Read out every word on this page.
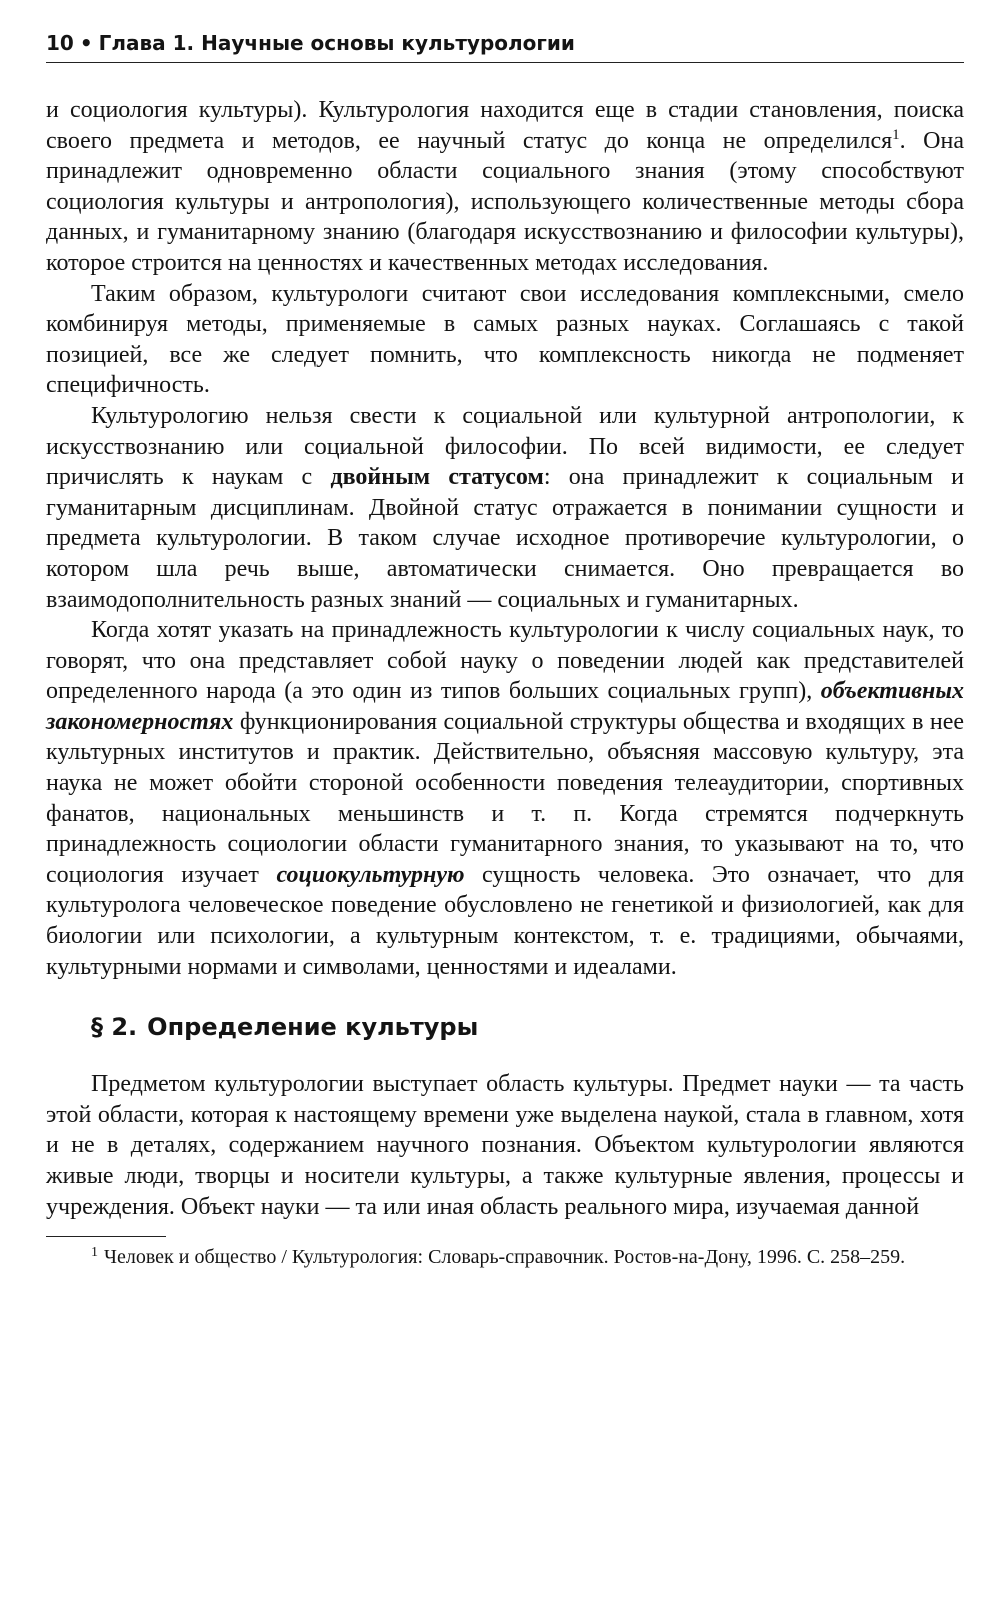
10 • Глава 1. Научные основы культурологии

и социология культуры). Культурология находится еще в стадии становления, поиска своего предмета и методов, ее научный статус до конца не определился$^1$. Она принадлежит одновременно области социального знания (этому способствуют социология культуры и антропология), использующего количественные методы сбора данных, и гуманитарному знанию (благодаря искусствознанию и философии культуры), которое строится на ценностях и качественных методах исследования.

Таким образом, культурологи считают свои исследования комплексными, смело комбинируя методы, применяемые в самых разных науках. Соглашаясь с такой позицией, все же следует помнить, что комплексность никогда не подменяет специфичность.

Культурологию нельзя свести к социальной или культурной антропологии, к искусствознанию или социальной философии. По всей видимости, ее следует причислять к наукам с двойным статусом: она принадлежит к социальным и гуманитарным дисциплинам. Двойной статус отражается в понимании сущности и предмета культурологии. В таком случае исходное противоречие культурологии, о котором шла речь выше, автоматически снимается. Оно превращается во взаимодополнительность разных знаний — социальных и гуманитарных.

Когда хотят указать на принадлежность культурологии к числу социальных наук, то говорят, что она представляет собой науку о поведении людей как представителей определенного народа (а это один из типов больших социальных групп), объективных закономерностях функционирования социальной структуры общества и входящих в нее культурных институтов и практик. Действительно, объясняя массовую культуру, эта наука не может обойти стороной особенности поведения телеаудитории, спортивных фанатов, национальных меньшинств и т. п. Когда стремятся подчеркнуть принадлежность социологии области гуманитарного знания, то указывают на то, что социология изучает социокультурную сущность человека. Это означает, что для культуролога человеческое поведение обусловлено не генетикой и физиологией, как для биологии или психологии, а культурным контекстом, т. е. традициями, обычаями, культурными нормами и символами, ценностями и идеалами.

§ 2. Определение культуры

Предметом культурологии выступает область культуры. Предмет науки — та часть этой области, которая к настоящему времени уже выделена наукой, стала в главном, хотя и не в деталях, содержанием научного познания. Объектом культурологии являются живые люди, творцы и носители культуры, а также культурные явления, процессы и учреждения. Объект науки — та или иная область реального мира, изучаемая данной

$^1$ Человек и общество / Культурология: Словарь-справочник. Ростов-на-Дону, 1996. С. 258–259.
